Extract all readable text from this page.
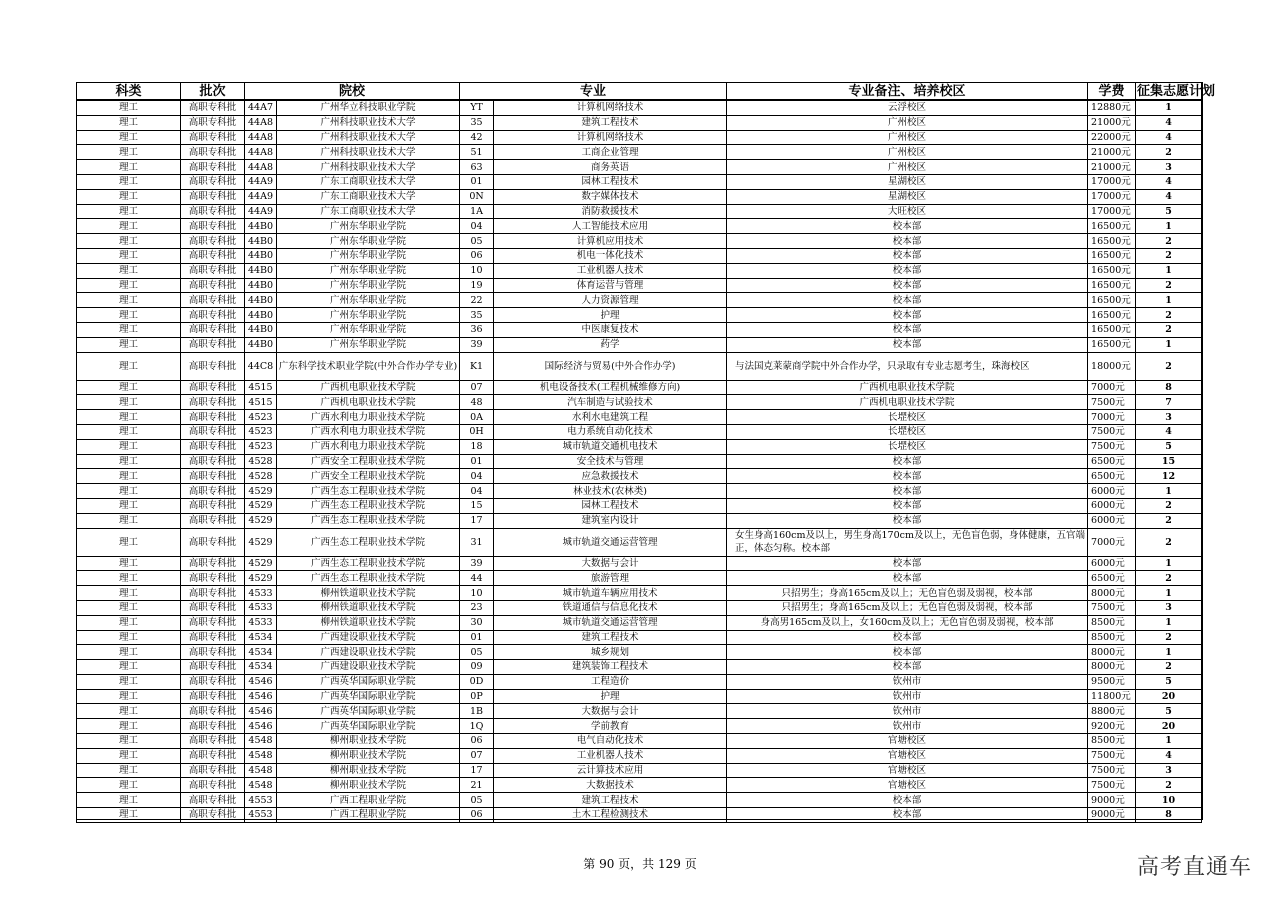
科类	批次	院校		专业		专业备注、培养校区	学费	征集志愿计划
理工	高职专科批	44A7	广州华立科技职业学院	YT	计算机网络技术	云浮校区	12880元	1
理工	高职专科批	44A8	广州科技职业技术大学	35	建筑工程技术	广州校区	21000元	4
理工	高职专科批	44A8	广州科技职业技术大学	42	计算机网络技术	广州校区	22000元	4
理工	高职专科批	44A8	广州科技职业技术大学	51	工商企业管理	广州校区	21000元	2
理工	高职专科批	44A8	广州科技职业技术大学	63	商务英语	广州校区	21000元	3
理工	高职专科批	44A9	广东工商职业技术大学	01	园林工程技术	星湖校区	17000元	4
理工	高职专科批	44A9	广东工商职业技术大学	0N	数字媒体技术	星湖校区	17000元	4
理工	高职专科批	44A9	广东工商职业技术大学	1A	消防救援技术	大旺校区	17000元	5
理工	高职专科批	44B0	广州东华职业学院	04	人工智能技术应用	校本部	16500元	1
理工	高职专科批	44B0	广州东华职业学院	05	计算机应用技术	校本部	16500元	2
理工	高职专科批	44B0	广州东华职业学院	06	机电一体化技术	校本部	16500元	2
理工	高职专科批	44B0	广州东华职业学院	10	工业机器人技术	校本部	16500元	1
理工	高职专科批	44B0	广州东华职业学院	19	体育运营与管理	校本部	16500元	2
理工	高职专科批	44B0	广州东华职业学院	22	人力资源管理	校本部	16500元	1
理工	高职专科批	44B0	广州东华职业学院	35	护理	校本部	16500元	2
理工	高职专科批	44B0	广州东华职业学院	36	中医康复技术	校本部	16500元	2
理工	高职专科批	44B0	广州东华职业学院	39	药学	校本部	16500元	1
理工	高职专科批	44C8	广东科学技术职业学院(中外合作办学专业)	K1	国际经济与贸易(中外合作办学)	与法国克莱蒙商学院中外合作办学，只录取有专业志愿考生，珠海校区	18000元	2
理工	高职专科批	4515	广西机电职业技术学院	07	机电设备技术(工程机械维修方向)	广西机电职业技术学院	7000元	8
理工	高职专科批	4515	广西机电职业技术学院	48	汽车制造与试验技术	广西机电职业技术学院	7500元	7
理工	高职专科批	4523	广西水利电力职业技术学院	0A	水利水电建筑工程	长堽校区	7000元	3
理工	高职专科批	4523	广西水利电力职业技术学院	0H	电力系统自动化技术	长堽校区	7500元	4
理工	高职专科批	4523	广西水利电力职业技术学院	18	城市轨道交通机电技术	长堽校区	7500元	5
理工	高职专科批	4528	广西安全工程职业技术学院	01	安全技术与管理	校本部	6500元	15
理工	高职专科批	4528	广西安全工程职业技术学院	04	应急救援技术	校本部	6500元	12
理工	高职专科批	4529	广西生态工程职业技术学院	04	林业技术(农林类)	校本部	6000元	1
理工	高职专科批	4529	广西生态工程职业技术学院	15	园林工程技术	校本部	6000元	2
理工	高职专科批	4529	广西生态工程职业技术学院	17	建筑室内设计	校本部	6000元	2
理工	高职专科批	4529	广西生态工程职业技术学院	31	城市轨道交通运营管理	女生身高160cm及以上，男生身高170cm及以上，无色盲色弱，身体健康，五官端正，体态匀称。校本部	7000元	2
理工	高职专科批	4529	广西生态工程职业技术学院	39	大数据与会计	校本部	6000元	1
理工	高职专科批	4529	广西生态工程职业技术学院	44	旅游管理	校本部	6500元	2
理工	高职专科批	4533	柳州铁道职业技术学院	10	城市轨道车辆应用技术	只招男生；身高165cm及以上；无色盲色弱及弱视，校本部	8000元	1
理工	高职专科批	4533	柳州铁道职业技术学院	23	铁道通信与信息化技术	只招男生；身高165cm及以上；无色盲色弱及弱视，校本部	7500元	3
理工	高职专科批	4533	柳州铁道职业技术学院	30	城市轨道交通运营管理	身高男165cm及以上，女160cm及以上；无色盲色弱及弱视，校本部	8500元	1
理工	高职专科批	4534	广西建设职业技术学院	01	建筑工程技术	校本部	8500元	2
理工	高职专科批	4534	广西建设职业技术学院	05	城乡规划	校本部	8000元	1
理工	高职专科批	4534	广西建设职业技术学院	09	建筑装饰工程技术	校本部	8000元	2
理工	高职专科批	4546	广西英华国际职业学院	0D	工程造价	钦州市	9500元	5
理工	高职专科批	4546	广西英华国际职业学院	0P	护理	钦州市	11800元	20
理工	高职专科批	4546	广西英华国际职业学院	1B	大数据与会计	钦州市	8800元	5
理工	高职专科批	4546	广西英华国际职业学院	1Q	学前教育	钦州市	9200元	20
理工	高职专科批	4548	柳州职业技术学院	06	电气自动化技术	官塘校区	8500元	1
理工	高职专科批	4548	柳州职业技术学院	07	工业机器人技术	官塘校区	7500元	4
理工	高职专科批	4548	柳州职业技术学院	17	云计算技术应用	官塘校区	7500元	3
理工	高职专科批	4548	柳州职业技术学院	21	大数据技术	官塘校区	7500元	2
理工	高职专科批	4553	广西工程职业学院	05	建筑工程技术	校本部	9000元	10
理工	高职专科批	4553	广西工程职业学院	06	土木工程检测技术	校本部	9000元	8
第 90 页，共 129 页	高考直通车
